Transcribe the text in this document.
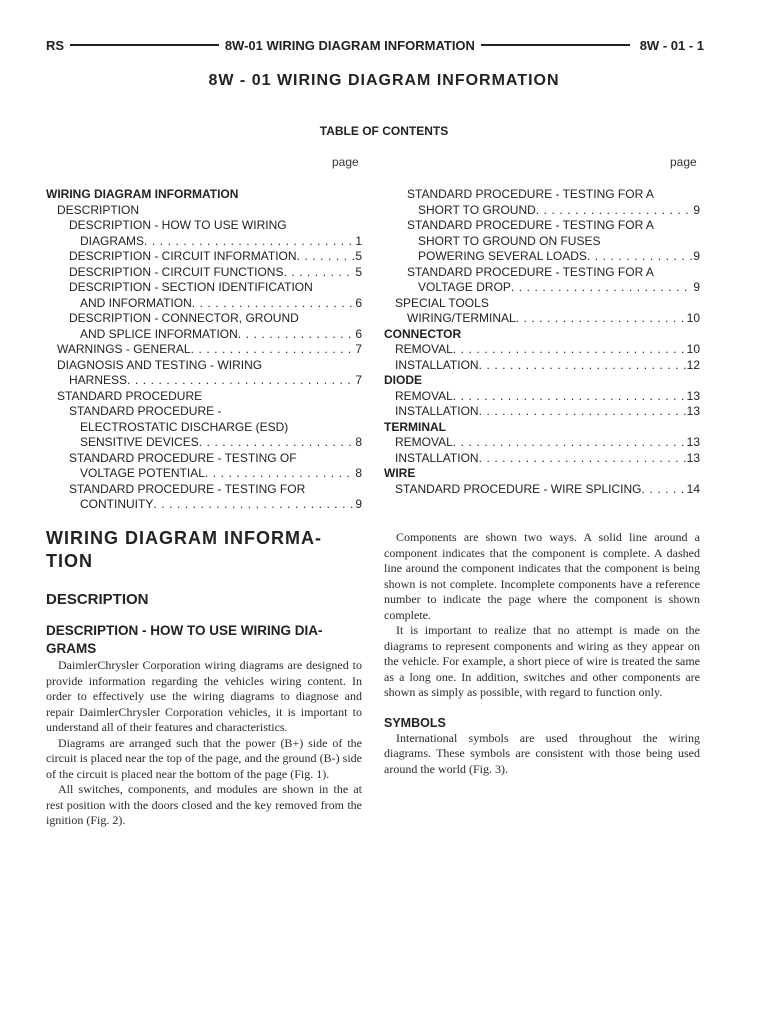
RS	8W-01 WIRING DIAGRAM INFORMATION	8W - 01 - 1
8W - 01 WIRING DIAGRAM INFORMATION
TABLE OF CONTENTS
page	page
WIRING DIAGRAM INFORMATION
DESCRIPTION
DESCRIPTION - HOW TO USE WIRING
DIAGRAMS . . .	1
DESCRIPTION - CIRCUIT INFORMATION . . .	5
DESCRIPTION - CIRCUIT FUNCTIONS . . .	5
DESCRIPTION - SECTION IDENTIFICATION
AND INFORMATION . . .	6
DESCRIPTION - CONNECTOR, GROUND
AND SPLICE INFORMATION . . .	6
WARNINGS - GENERAL . . .	7
DIAGNOSIS AND TESTING - WIRING
HARNESS . . .	7
STANDARD PROCEDURE
STANDARD PROCEDURE -
ELECTROSTATIC DISCHARGE (ESD)
SENSITIVE DEVICES . . .	8
STANDARD PROCEDURE - TESTING OF
VOLTAGE POTENTIAL . . .	8
STANDARD PROCEDURE - TESTING FOR
CONTINUITY . . .	9
STANDARD PROCEDURE - TESTING FOR A
SHORT TO GROUND . . .	9
STANDARD PROCEDURE - TESTING FOR A
SHORT TO GROUND ON FUSES
POWERING SEVERAL LOADS . . .	9
STANDARD PROCEDURE - TESTING FOR A
VOLTAGE DROP . . .	9
SPECIAL TOOLS
WIRING/TERMINAL . . .	10
CONNECTOR
REMOVAL . . .	10
INSTALLATION . . .	12
DIODE
REMOVAL . . .	13
INSTALLATION . . .	13
TERMINAL
REMOVAL . . .	13
INSTALLATION . . .	13
WIRE
STANDARD PROCEDURE - WIRE SPLICING . . .	14
WIRING DIAGRAM INFORMA-TION
DESCRIPTION
DESCRIPTION - HOW TO USE WIRING DIA-GRAMS

DaimlerChrysler Corporation wiring diagrams are designed to provide information regarding the vehicles wiring content. In order to effectively use the wiring diagrams to diagnose and repair DaimlerChrysler Corporation vehicles, it is important to understand all of their features and characteristics.

Diagrams are arranged such that the power (B+) side of the circuit is placed near the top of the page, and the ground (B-) side of the circuit is placed near the bottom of the page (Fig. 1).

All switches, components, and modules are shown in the at rest position with the doors closed and the key removed from the ignition (Fig. 2).

Components are shown two ways. A solid line around a component indicates that the component is complete. A dashed line around the component indicates that the component is being shown is not complete. Incomplete components have a reference number to indicate the page where the component is shown complete.

It is important to realize that no attempt is made on the diagrams to represent components and wiring as they appear on the vehicle. For example, a short piece of wire is treated the same as a long one. In addition, switches and other components are shown as simply as possible, with regard to function only.

SYMBOLS

International symbols are used throughout the wiring diagrams. These symbols are consistent with those being used around the world (Fig. 3).
